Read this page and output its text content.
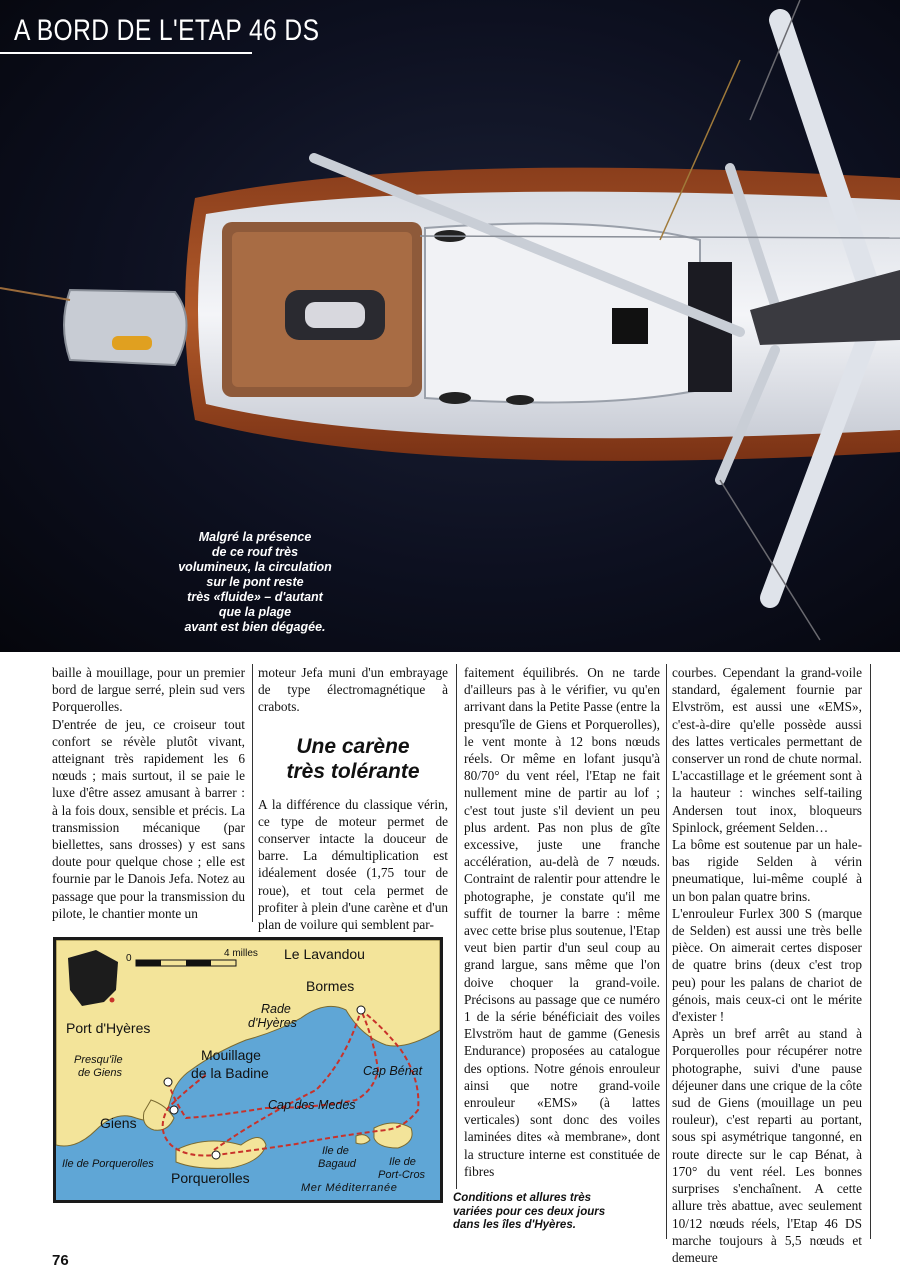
A BORD DE L'ETAP 46 DS

Malgré la présence
de ce rouf très
volumineux, la circulation
sur le pont reste
très «fluide» – d'autant
que la plage
avant est bien dégagée.

baille à mouillage, pour un premier bord de largue serré, plein sud vers Porquerolles.

D'entrée de jeu, ce croiseur tout confort se révèle plutôt vivant, atteignant très rapidement les 6 nœuds ; mais surtout, il se paie le luxe d'être assez amusant à barrer : à la fois doux, sensible et précis. La transmission mécanique (par biellettes, sans drosses) y est sans doute pour quelque chose ; elle est fournie par le Danois Jefa. Notez au passage que pour la transmission du pilote, le chantier monte un

moteur Jefa muni d'un embrayage de type électromagnétique à crabots.

Une carène
très tolérante

A la différence du classique vérin, ce type de moteur permet de conserver intacte la douceur de barre. La démultiplication est idéalement dosée (1,75 tour de roue), et tout cela permet de profiter à plein d'une carène et d'un plan de voilure qui semblent par-

faitement équilibrés. On ne tarde d'ailleurs pas à le vérifier, vu qu'en arrivant dans la Petite Passe (entre la presqu'île de Giens et Porquerolles), le vent monte à 12 bons nœuds réels. Or même en lofant jusqu'à 80/70° du vent réel, l'Etap ne fait nullement mine de partir au lof ; c'est tout juste s'il devient un peu plus ardent. Pas non plus de gîte excessive, juste une franche accélération, au-delà de 7 nœuds. Contraint de ralentir pour attendre le photographe, je constate qu'il me suffit de tourner la barre : même avec cette brise plus soutenue, l'Etap veut bien partir d'un seul coup au grand largue, sans même que l'on doive choquer la grand-voile. Précisons au passage que ce numéro 1 de la série bénéficiait des voiles Elvström haut de gamme (Genesis Endurance) proposées au catalogue des options. Notre génois enrouleur ainsi que notre grand-voile enrouleur «EMS» (à lattes verticales) sont donc des voiles laminées dites «à membrane», dont la structure interne est constituée de fibres

courbes. Cependant la grand-voile standard, également fournie par Elvström, est aussi une «EMS», c'est-à-dire qu'elle possède aussi des lattes verticales permettant de conserver un rond de chute normal. L'accastillage et le gréement sont à la hauteur : winches self-tailing Andersen tout inox, bloqueurs Spinlock, gréement Selden…

La bôme est soutenue par un hale-bas rigide Selden à vérin pneumatique, lui-même couplé à un bon palan quatre brins.

L'enrouleur Furlex 300 S (marque de Selden) est aussi une très belle pièce. On aimerait certes disposer de quatre brins (deux c'est trop peu) pour les palans de chariot de génois, mais ceux-ci ont le mérite d'exister !

Après un bref arrêt au stand à Porquerolles pour récupérer notre photographe, suivi d'une pause déjeuner dans une crique de la côte sud de Giens (mouillage un peu rouleur), c'est reparti au portant, sous spi asymétrique tangonné, en route directe sur le cap Bénat, à 170° du vent réel. Les bonnes surprises s'enchaînent. A cette allure très abattue, avec seulement 10/12 nœuds réels, l'Etap 46 DS marche toujours à 5,5 nœuds et demeure

0	4 milles Le Lavandou
Bormes
Rade
d'Hyères
Port d'Hyères
Mouillage
de la Badine
Presqu'île
de Giens	Cap Bénat
Cap des Medes
Giens
Ile de
Bagaud	Ile de
Port-Cros
Ile de Porquerolles
Porquerolles
Mer Méditerranée

Conditions et allures très
variées pour ces deux jours
dans les îles d'Hyères.

76
